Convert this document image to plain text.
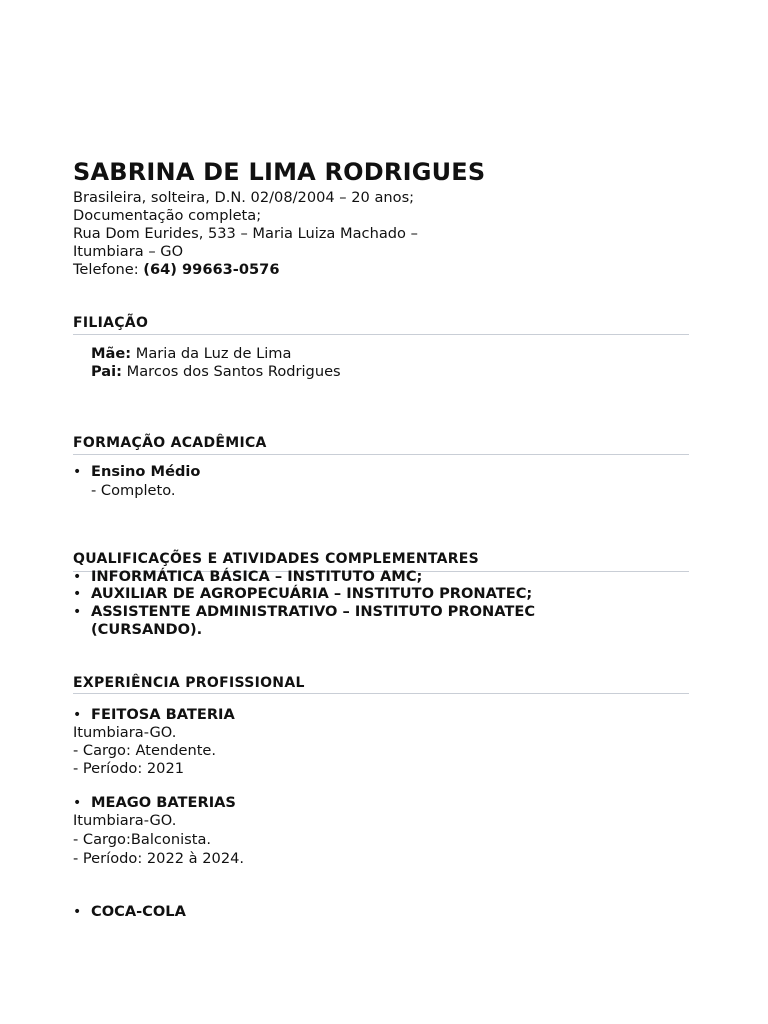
SABRINA DE LIMA RODRIGUES
Brasileira, solteira, D.N. 02/08/2004 – 20 anos;
Documentação completa;
Rua Dom Eurides, 533 – Maria Luiza Machado –
Itumbiara – GO
Telefone: (64) 99663-0576
FILIAÇÃO
Mãe: Maria da Luz de Lima
Pai: Marcos dos Santos Rodrigues
FORMAÇÃO ACADÊMICA
• Ensino Médio
- Completo.
QUALIFICAÇÕES E ATIVIDADES COMPLEMENTARES
• INFORMÁTICA BÁSICA – INSTITUTO AMC;
• AUXILIAR DE AGROPECUÁRIA – INSTITUTO PRONATEC;
• ASSISTENTE ADMINISTRATIVO – INSTITUTO PRONATEC
(CURSANDO).
EXPERIÊNCIA PROFISSIONAL
• FEITOSA BATERIA
Itumbiara-GO.
- Cargo: Atendente.
- Período: 2021
• MEAGO BATERIAS
Itumbiara-GO.
- Cargo:Balconista.
- Período: 2022 à 2024.
• COCA-COLA
